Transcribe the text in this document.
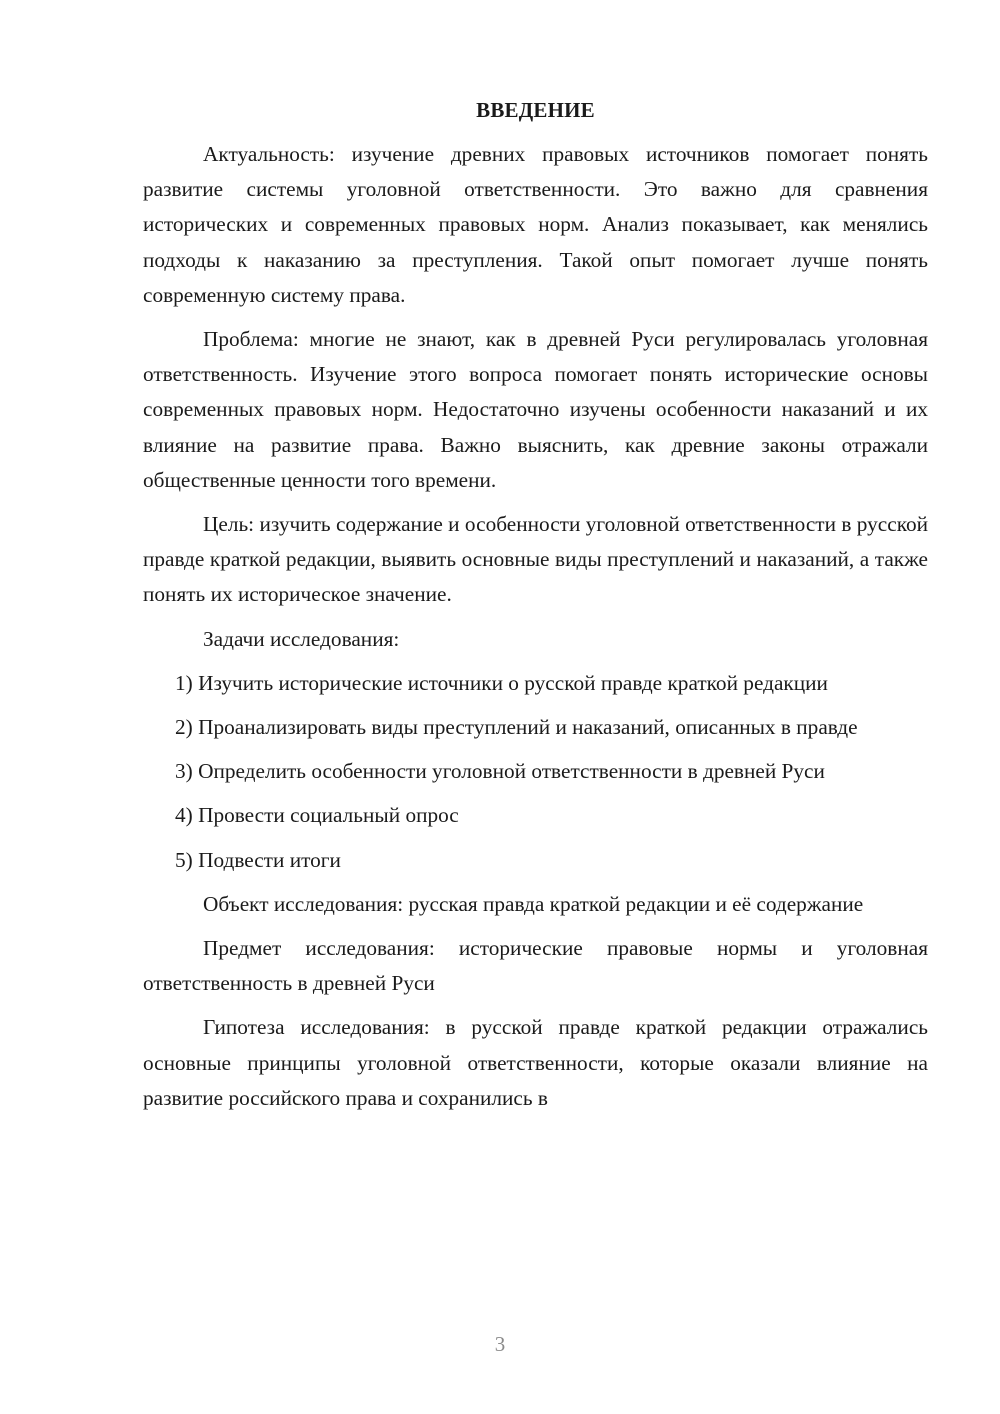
ВВЕДЕНИЕ

Актуальность: изучение древних правовых источников помогает понять развитие системы уголовной ответственности. Это важно для сравнения исторических и современных правовых норм. Анализ показывает, как менялись подходы к наказанию за преступления. Такой опыт помогает лучше понять современную систему права.

Проблема: многие не знают, как в древней Руси регулировалась уголовная ответственность. Изучение этого вопроса помогает понять исторические основы современных правовых норм. Недостаточно изучены особенности наказаний и их влияние на развитие права. Важно выяснить, как древние законы отражали общественные ценности того времени.

Цель: изучить содержание и особенности уголовной ответственности в русской правде краткой редакции, выявить основные виды преступлений и наказаний, а также понять их историческое значение.

Задачи исследования:

1) Изучить исторические источники о русской правде краткой редакции

2) Проанализировать виды преступлений и наказаний, описанных в правде

3) Определить особенности уголовной ответственности в древней Руси

4) Провести социальный опрос

5) Подвести итоги

Объект исследования: русская правда краткой редакции и её содержание

Предмет исследования: исторические правовые нормы и уголовная ответственность в древней Руси

Гипотеза исследования: в русской правде краткой редакции отражались основные принципы уголовной ответственности, которые оказали влияние на развитие российского права и сохранились в

3
